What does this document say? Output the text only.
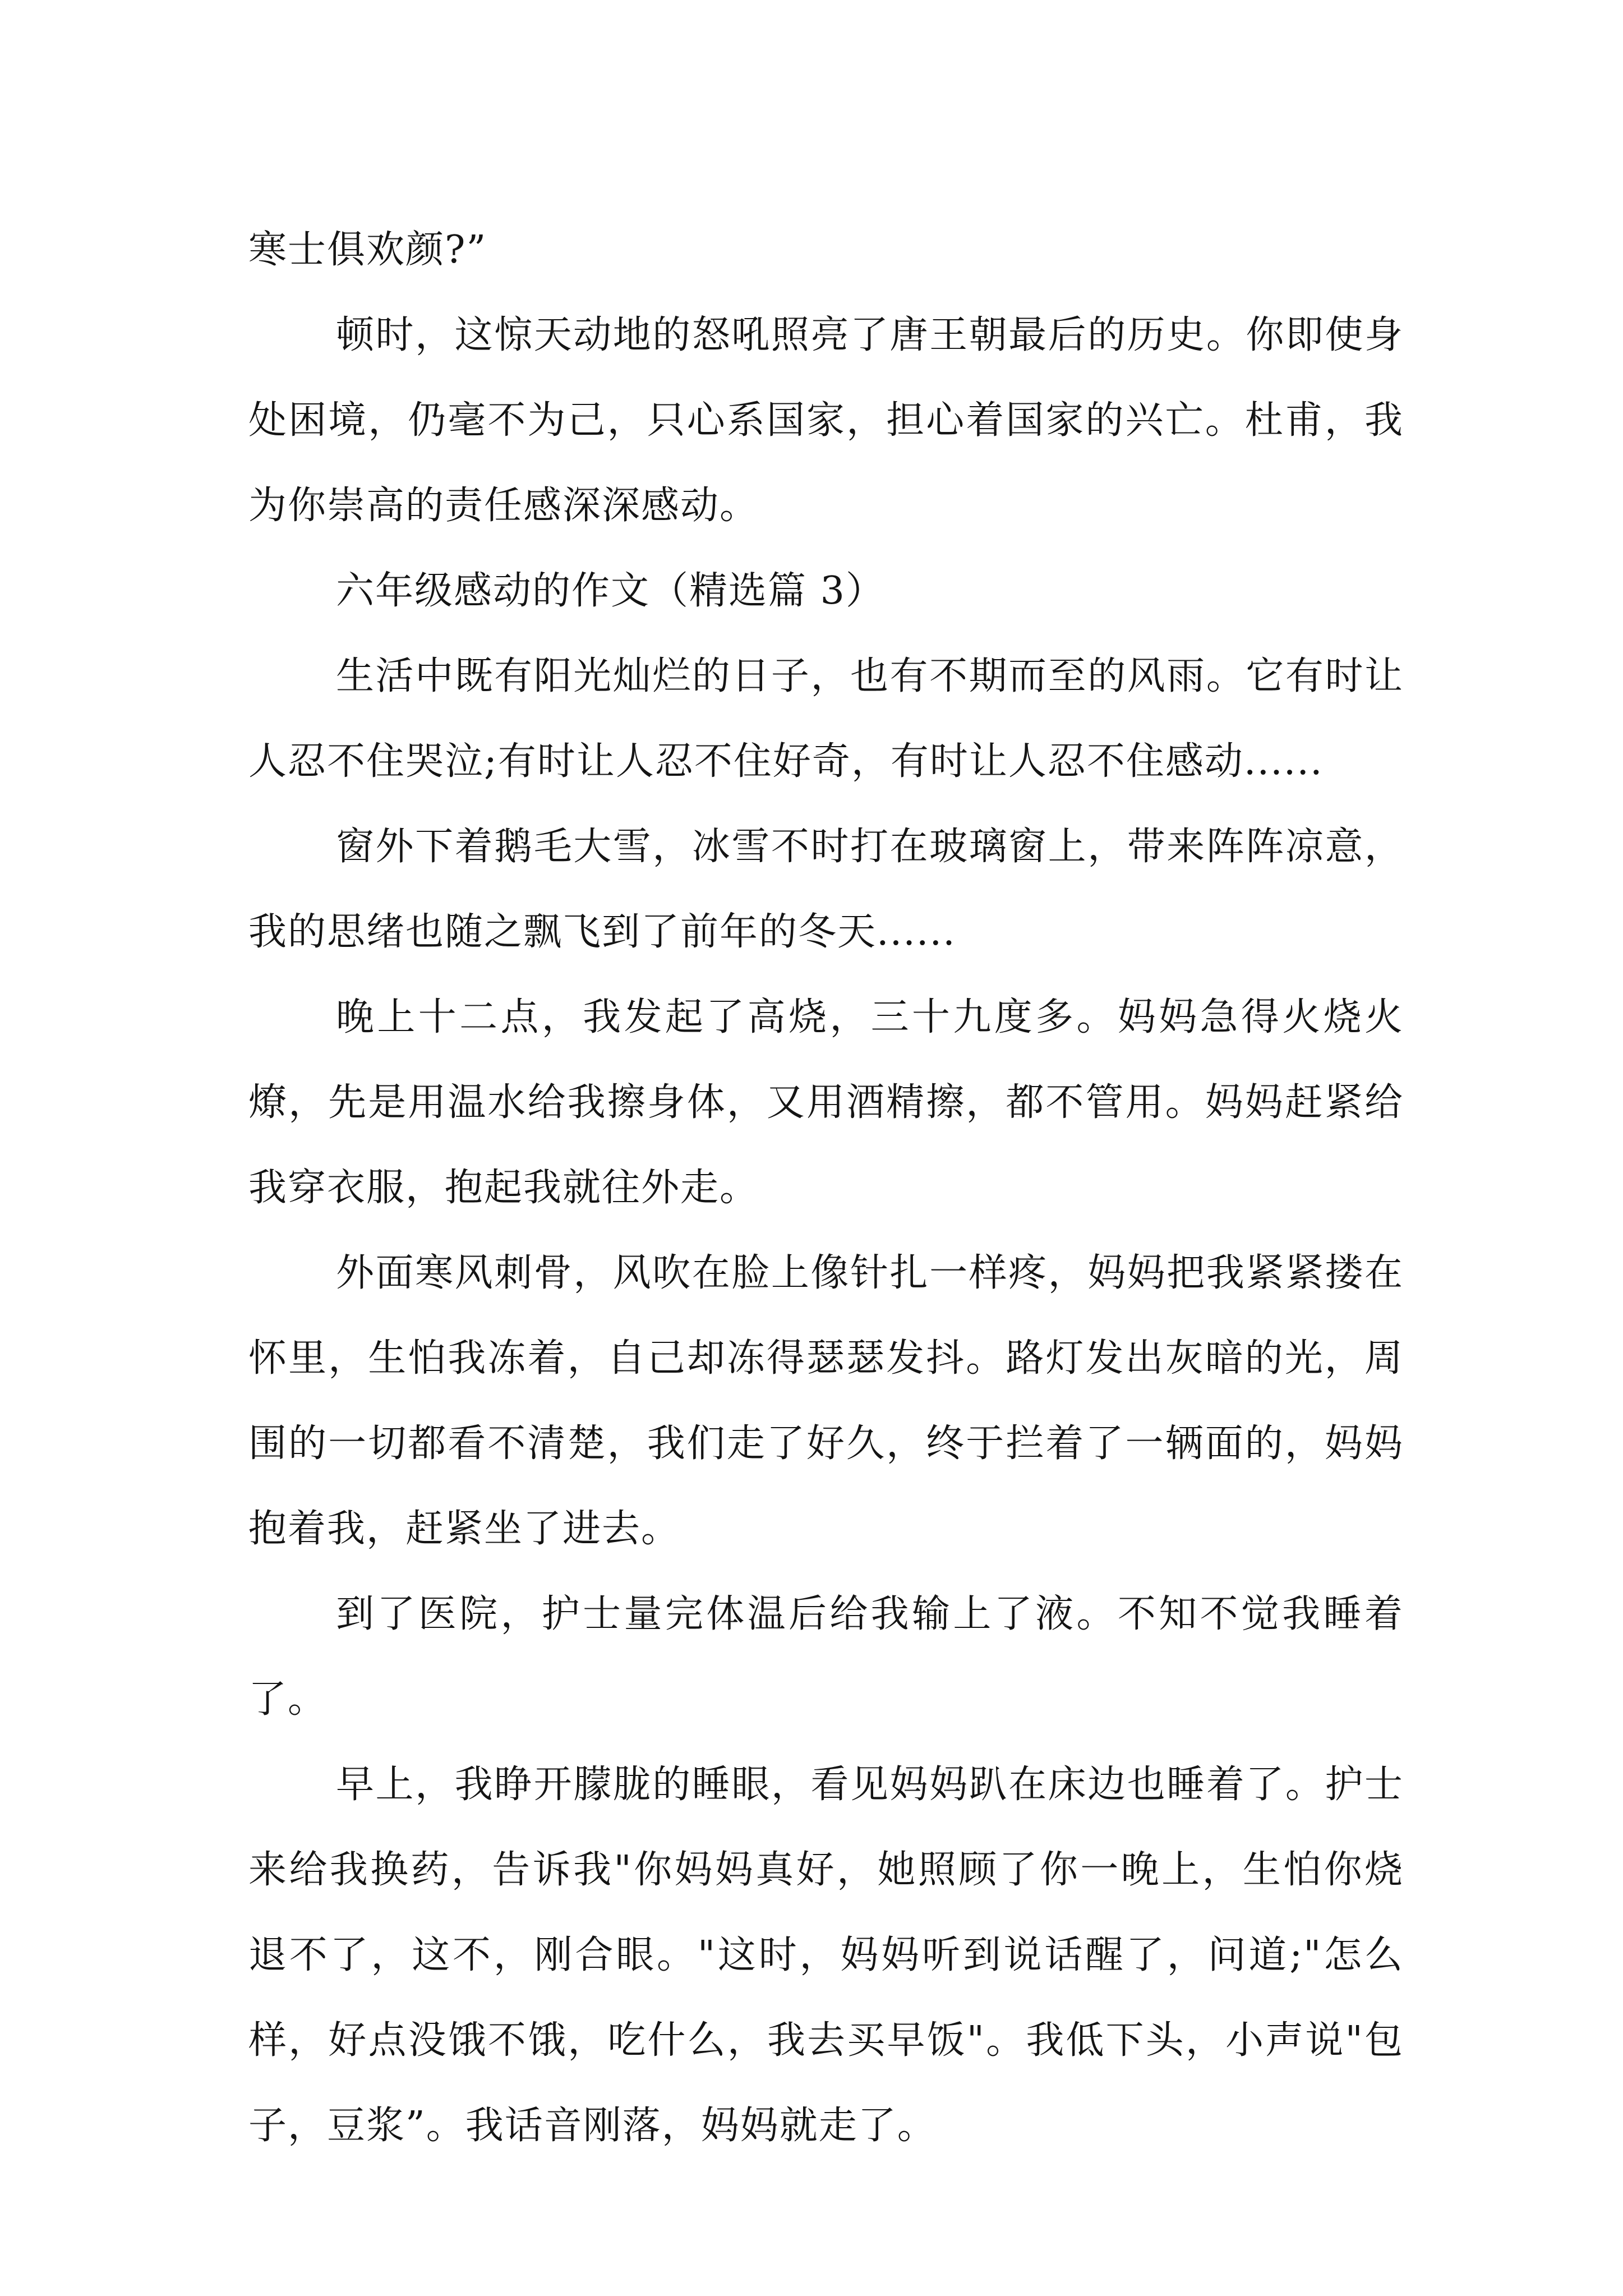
寒士俱欢颜?”

顿时，这惊天动地的怒吼照亮了唐王朝最后的历史。你即使身处困境，仍毫不为己，只心系国家，担心着国家的兴亡。杜甫，我为你崇高的责任感深深感动。

六年级感动的作文（精选篇 3）

生活中既有阳光灿烂的日子，也有不期而至的风雨。它有时让人忍不住哭泣;有时让人忍不住好奇，有时让人忍不住感动......

窗外下着鹅毛大雪，冰雪不时打在玻璃窗上，带来阵阵凉意，我的思绪也随之飘飞到了前年的冬天......

晚上十二点，我发起了高烧，三十九度多。妈妈急得火烧火燎，先是用温水给我擦身体，又用酒精擦，都不管用。妈妈赶紧给我穿衣服，抱起我就往外走。

外面寒风刺骨，风吹在脸上像针扎一样疼，妈妈把我紧紧搂在怀里，生怕我冻着，自己却冻得瑟瑟发抖。路灯发出灰暗的光，周围的一切都看不清楚，我们走了好久，终于拦着了一辆面的，妈妈抱着我，赶紧坐了进去。

到了医院，护士量完体温后给我输上了液。不知不觉我睡着了。

早上，我睁开朦胧的睡眼，看见妈妈趴在床边也睡着了。护士来给我换药，告诉我"你妈妈真好，她照顾了你一晚上，生怕你烧退不了，这不，刚合眼。"这时，妈妈听到说话醒了，问道;"怎么样，好点没饿不饿，吃什么，我去买早饭"。我低下头，小声说"包子，豆浆”。我话音刚落，妈妈就走了。
